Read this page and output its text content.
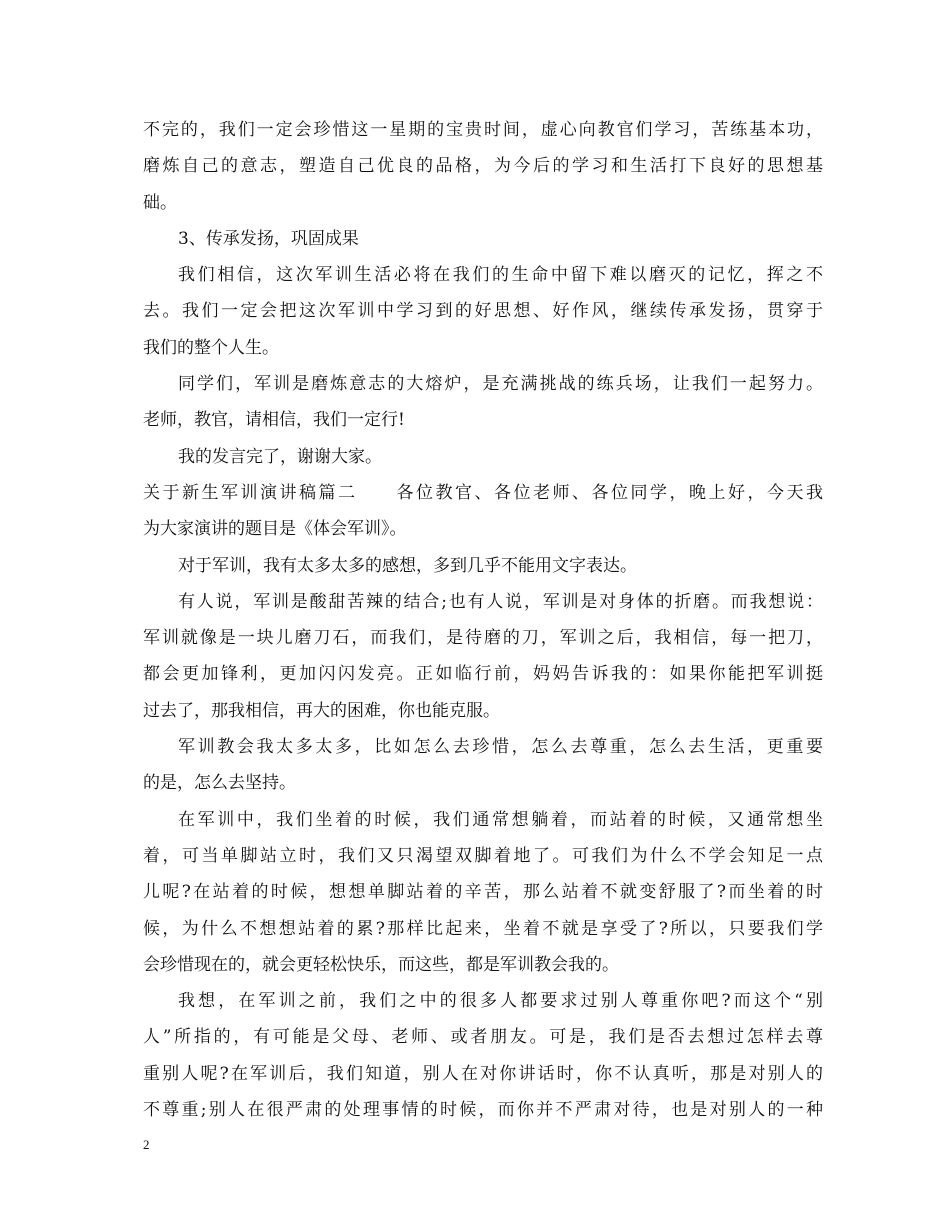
不完的，我们一定会珍惜这一星期的宝贵时间，虚心向教官们学习，苦练基本功，
磨炼自己的意志，塑造自己优良的品格，为今后的学习和生活打下良好的思想基
础。
3、传承发扬，巩固成果
我们相信，这次军训生活必将在我们的生命中留下难以磨灭的记忆，挥之不
去。我们一定会把这次军训中学习到的好思想、好作风，继续传承发扬，贯穿于
我们的整个人生。
同学们，军训是磨炼意志的大熔炉，是充满挑战的练兵场，让我们一起努力。
老师，教官，请相信，我们一定行!
我的发言完了，谢谢大家。
关于新生军训演讲稿篇二　　各位教官、各位老师、各位同学，晚上好，今天我
为大家演讲的题目是《体会军训》。
对于军训，我有太多太多的感想，多到几乎不能用文字表达。
有人说，军训是酸甜苦辣的结合;也有人说，军训是对身体的折磨。而我想说：
军训就像是一块儿磨刀石，而我们，是待磨的刀，军训之后，我相信，每一把刀，
都会更加锋利，更加闪闪发亮。正如临行前，妈妈告诉我的：如果你能把军训挺
过去了，那我相信，再大的困难，你也能克服。
军训教会我太多太多，比如怎么去珍惜，怎么去尊重，怎么去生活，更重要
的是，怎么去坚持。
在军训中，我们坐着的时候，我们通常想躺着，而站着的时候，又通常想坐
着，可当单脚站立时，我们又只渴望双脚着地了。可我们为什么不学会知足一点
儿呢?在站着的时候，想想单脚站着的辛苦，那么站着不就变舒服了?而坐着的时
候，为什么不想想站着的累?那样比起来，坐着不就是享受了?所以，只要我们学
会珍惜现在的，就会更轻松快乐，而这些，都是军训教会我的。
我想，在军训之前，我们之中的很多人都要求过别人尊重你吧?而这个“别
人”所指的，有可能是父母、老师、或者朋友。可是，我们是否去想过怎样去尊
重别人呢?在军训后，我们知道，别人在对你讲话时，你不认真听，那是对别人的
不尊重;别人在很严肃的处理事情的时候，而你并不严肃对待，也是对别人的一种
2
